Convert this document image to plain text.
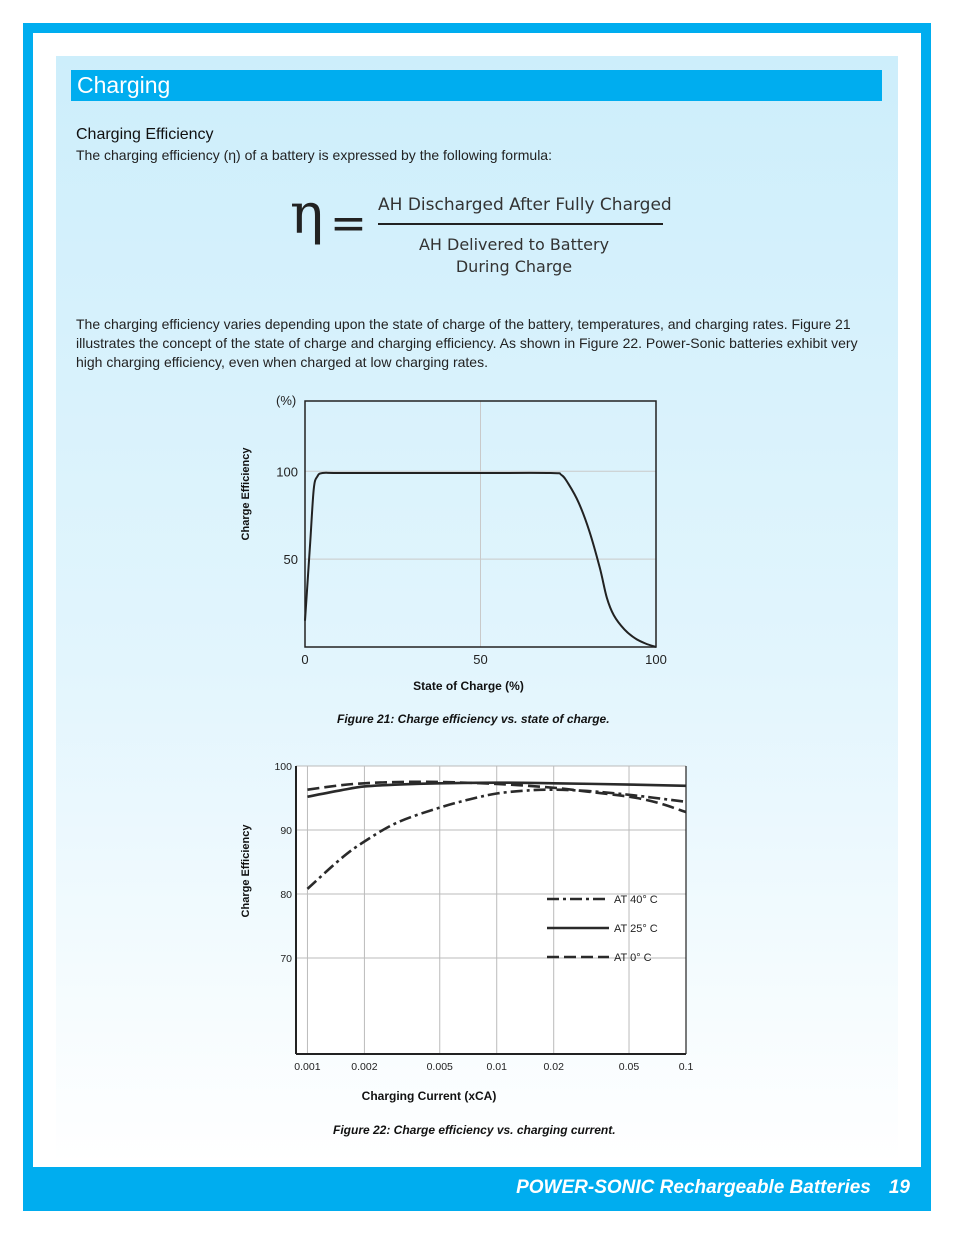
Charging
Charging Efficiency
The charging efficiency (η) of a battery is expressed by the following formula:
η = AH Discharged After Fully Charged
AH Delivered to Battery
During Charge
The charging efficiency varies depending upon the state of charge of the battery, temperatures, and charging rates. Figure 21 illustrates the concept of the state of charge and charging efficiency. As shown in Figure 22. Power-Sonic batteries exhibit very high charging efficiency, even when charged at low charging rates.
(%)
0	50	100
50
100
State of Charge (%)
Charge Efficiency
Figure 21: Charge efficiency vs. state of charge.
AT 40° C
AT 25° C
AT 0° C
0.001	0.002	0.005	0.01	0.02	0.05	0.1
70
80
90
100
Charging Current (xCA)
Charge Efficiency
Figure 22: Charge efficiency vs. charging current.
POWER-SONIC Rechargeable Batteries 19
